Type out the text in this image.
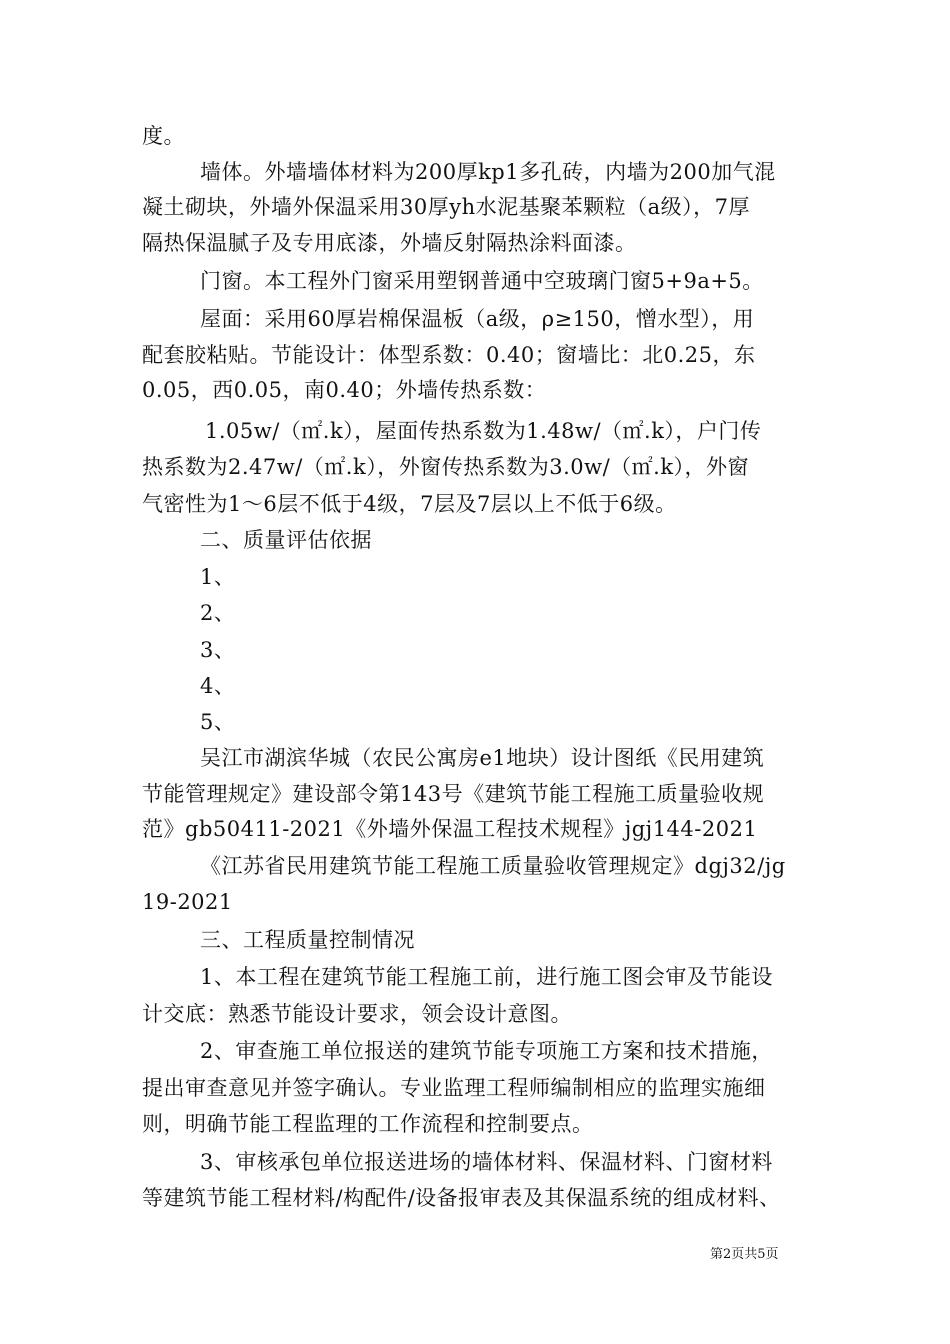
度。
墙体。外墙墙体材料为200厚kp1多孔砖，内墙为200加气混
凝土砌块，外墙外保温采用30厚yh水泥基聚苯颗粒（a级），7厚
隔热保温腻子及专用底漆，外墙反射隔热涂料面漆。
门窗。本工程外门窗采用塑钢普通中空玻璃门窗5+9a+5。
屋面：采用60厚岩棉保温板（a级，ρ≥150，憎水型），用
配套胶粘贴。节能设计：体型系数：0.40；窗墙比：北0.25，东
0.05，西0.05，南0.40；外墙传热系数：
1.05w/（㎡.k），屋面传热系数为1.48w/（㎡.k），户门传
热系数为2.47w/（㎡.k），外窗传热系数为3.0w/（㎡.k），外窗
气密性为1～6层不低于4级，7层及7层以上不低于6级。
二、质量评估依据
1、
2、
3、
4、
5、
吴江市湖滨华城（农民公寓房e1地块）设计图纸《民用建筑
节能管理规定》建设部令第143号《建筑节能工程施工质量验收规
范》gb50411-2021《外墙外保温工程技术规程》jgj144-2021
《江苏省民用建筑节能工程施工质量验收管理规定》dgj32/jg
19-2021
三、工程质量控制情况
1、本工程在建筑节能工程施工前，进行施工图会审及节能设
计交底：熟悉节能设计要求，领会设计意图。
2、审查施工单位报送的建筑节能专项施工方案和技术措施，
提出审查意见并签字确认。专业监理工程师编制相应的监理实施细
则，明确节能工程监理的工作流程和控制要点。
3、审核承包单位报送进场的墙体材料、保温材料、门窗材料
等建筑节能工程材料/构配件/设备报审表及其保温系统的组成材料、
第2页共5页
